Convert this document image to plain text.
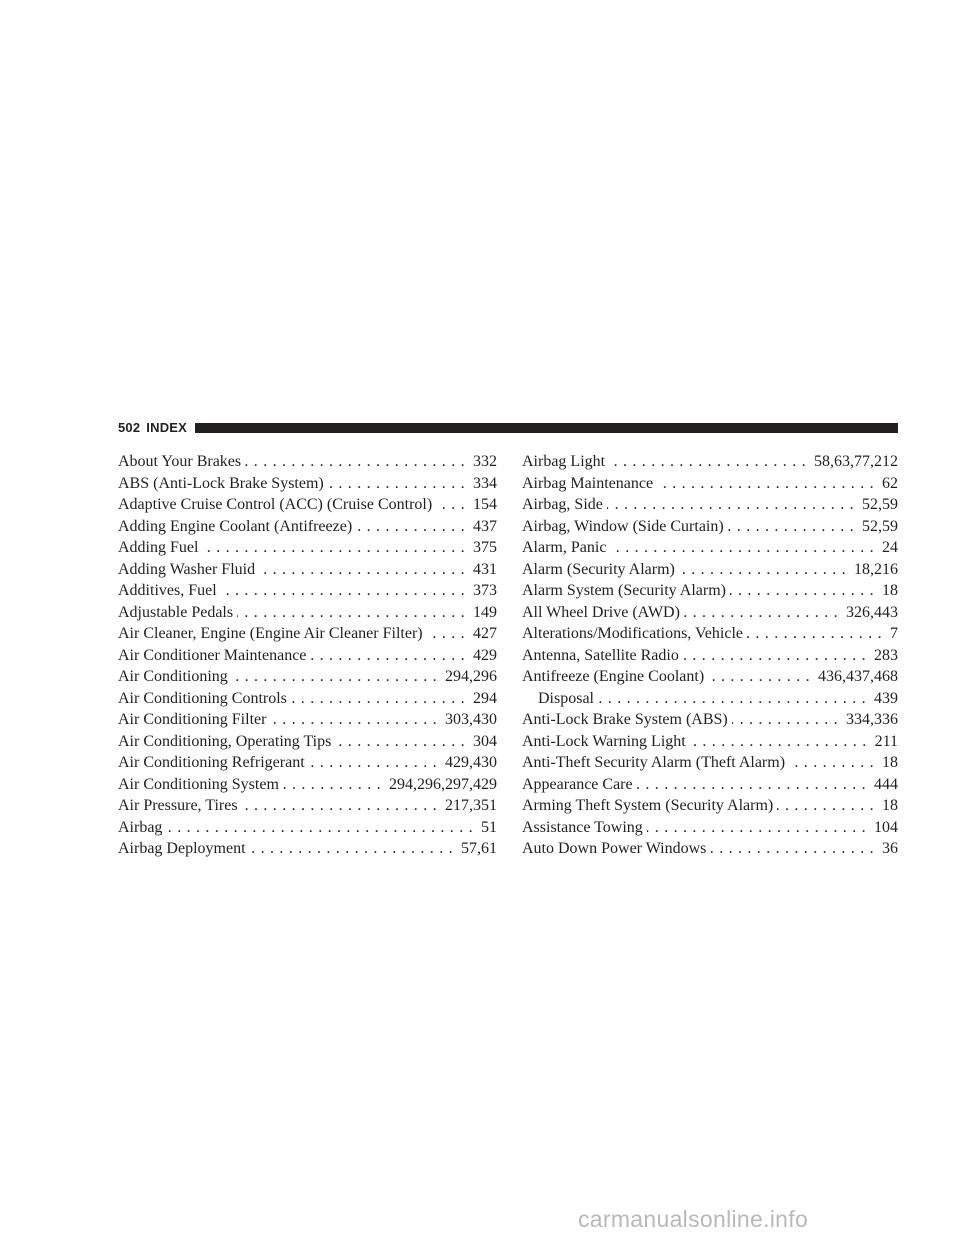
502 INDEX
About Your Brakes .....	332
ABS (Anti-Lock Brake System) .....	334
Adaptive Cruise Control (ACC) (Cruise Control) .....	154
Adding Engine Coolant (Antifreeze) .....	437
Adding Fuel .....	375
Adding Washer Fluid .....	431
Additives, Fuel .....	373
Adjustable Pedals .....	149
Air Cleaner, Engine (Engine Air Cleaner Filter) .....	427
Air Conditioner Maintenance .....	429
Air Conditioning .....	294,296
Air Conditioning Controls .....	294
Air Conditioning Filter .....	303,430
Air Conditioning, Operating Tips .....	304
Air Conditioning Refrigerant .....	429,430
Air Conditioning System .....	294,296,297,429
Air Pressure, Tires .....	217,351
Airbag .....	51
Airbag Deployment .....	57,61
Airbag Light .....	58,63,77,212
Airbag Maintenance .....	62
Airbag, Side .....	52,59
Airbag, Window (Side Curtain) .....	52,59
Alarm, Panic .....	24
Alarm (Security Alarm) .....	18,216
Alarm System (Security Alarm) .....	18
All Wheel Drive (AWD) .....	326,443
Alterations/Modifications, Vehicle .....	7
Antenna, Satellite Radio .....	283
Antifreeze (Engine Coolant) .....	436,437,468
Disposal .....	439
Anti-Lock Brake System (ABS) .....	334,336
Anti-Lock Warning Light .....	211
Anti-Theft Security Alarm (Theft Alarm) .....	18
Appearance Care .....	444
Arming Theft System (Security Alarm) .....	18
Assistance Towing .....	104
Auto Down Power Windows .....	36
carmanualsonline.info
